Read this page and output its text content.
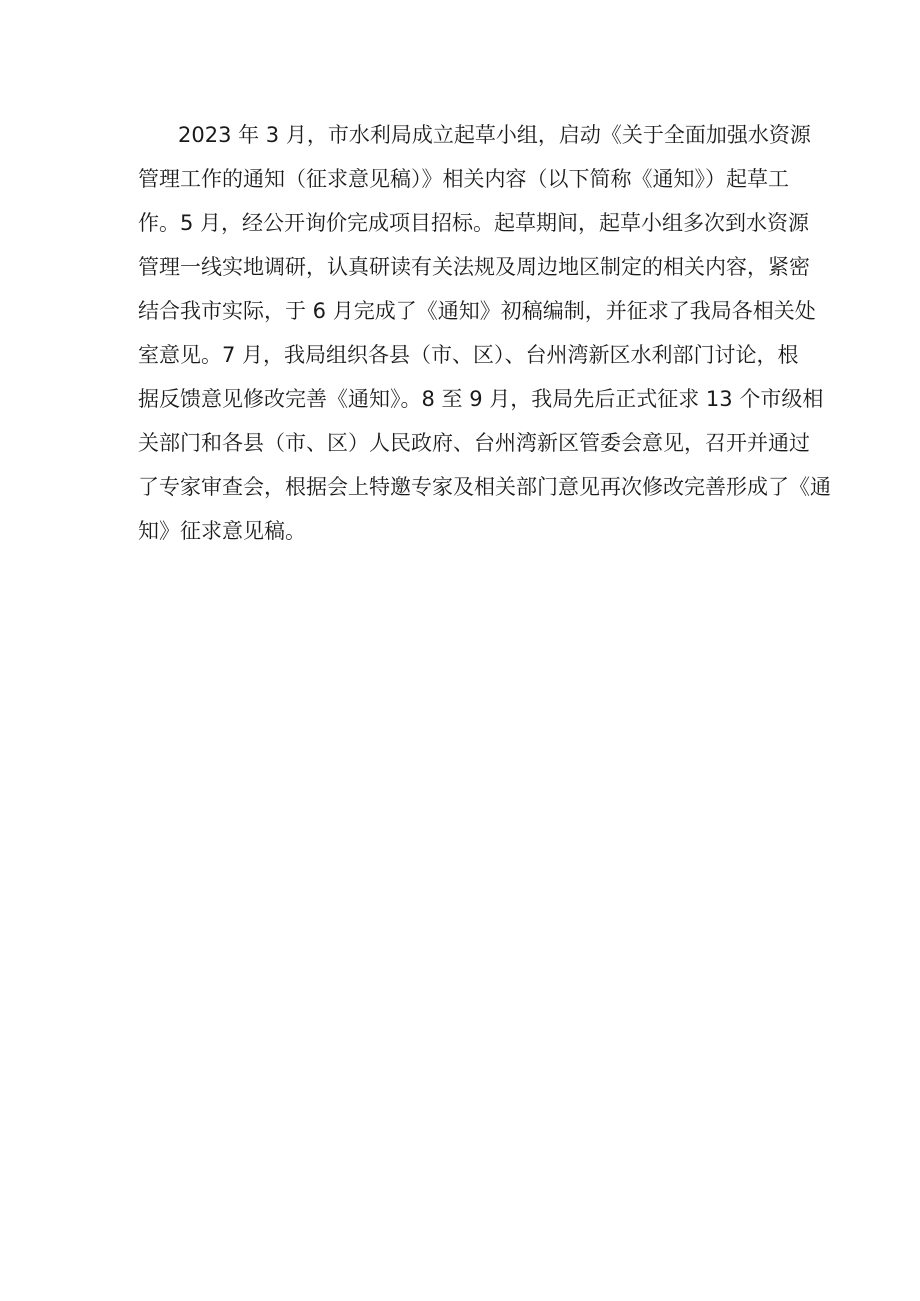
2023 年 3 月，市水利局成立起草小组，启动《关于全面加强水资源
管理工作的通知（征求意见稿）》相关内容（以下简称《通知》）起草工
作。5 月，经公开询价完成项目招标。起草期间，起草小组多次到水资源
管理一线实地调研，认真研读有关法规及周边地区制定的相关内容，紧密
结合我市实际，于 6 月完成了《通知》初稿编制，并征求了我局各相关处
室意见。7 月，我局组织各县（市、区）、台州湾新区水利部门讨论，根
据反馈意见修改完善《通知》。8 至 9 月，我局先后正式征求 13 个市级相
关部门和各县（市、区）人民政府、台州湾新区管委会意见，召开并通过
了专家审查会，根据会上特邀专家及相关部门意见再次修改完善形成了《通
知》征求意见稿。
